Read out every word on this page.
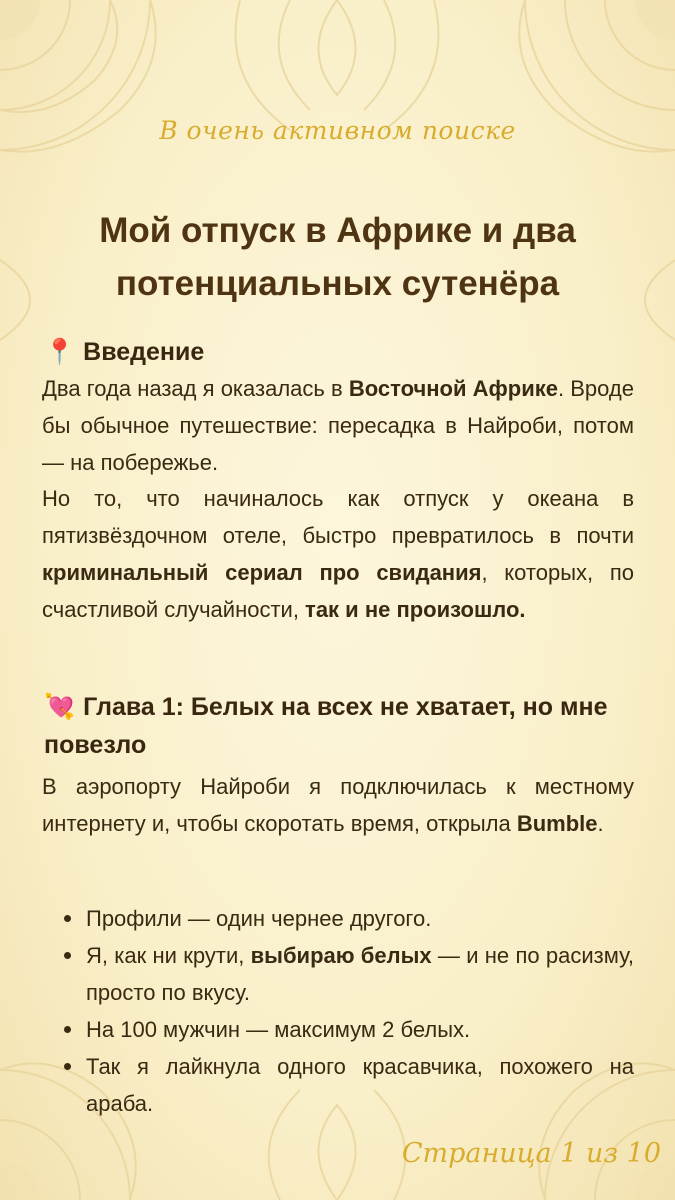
В очень активном поиске
Мой отпуск в Африке и два потенциальных сутенёра
📍 Введение

Два года назад я оказалась в Восточной Африке. Вроде бы обычное путешествие: пересадка в Найроби, потом — на побережье.

Но то, что начиналось как отпуск у океана в пятизвёздочном отеле, быстро превратилось в почти криминальный сериал про свидания, которых, по счастливой случайности, так и не произошло.

💘 Глава 1: Белых на всех не хватает, но мне повезло

В аэропорту Найроби я подключилась к местному интернету и, чтобы скоротать время, открыла Bumble.

Профили — один чернее другого.
Я, как ни крути, выбираю белых — и не по расизму, просто по вкусу.
На 100 мужчин — максимум 2 белых.
Так я лайкнула одного красавчика, похожего на араба.
Страница 1 из 10
